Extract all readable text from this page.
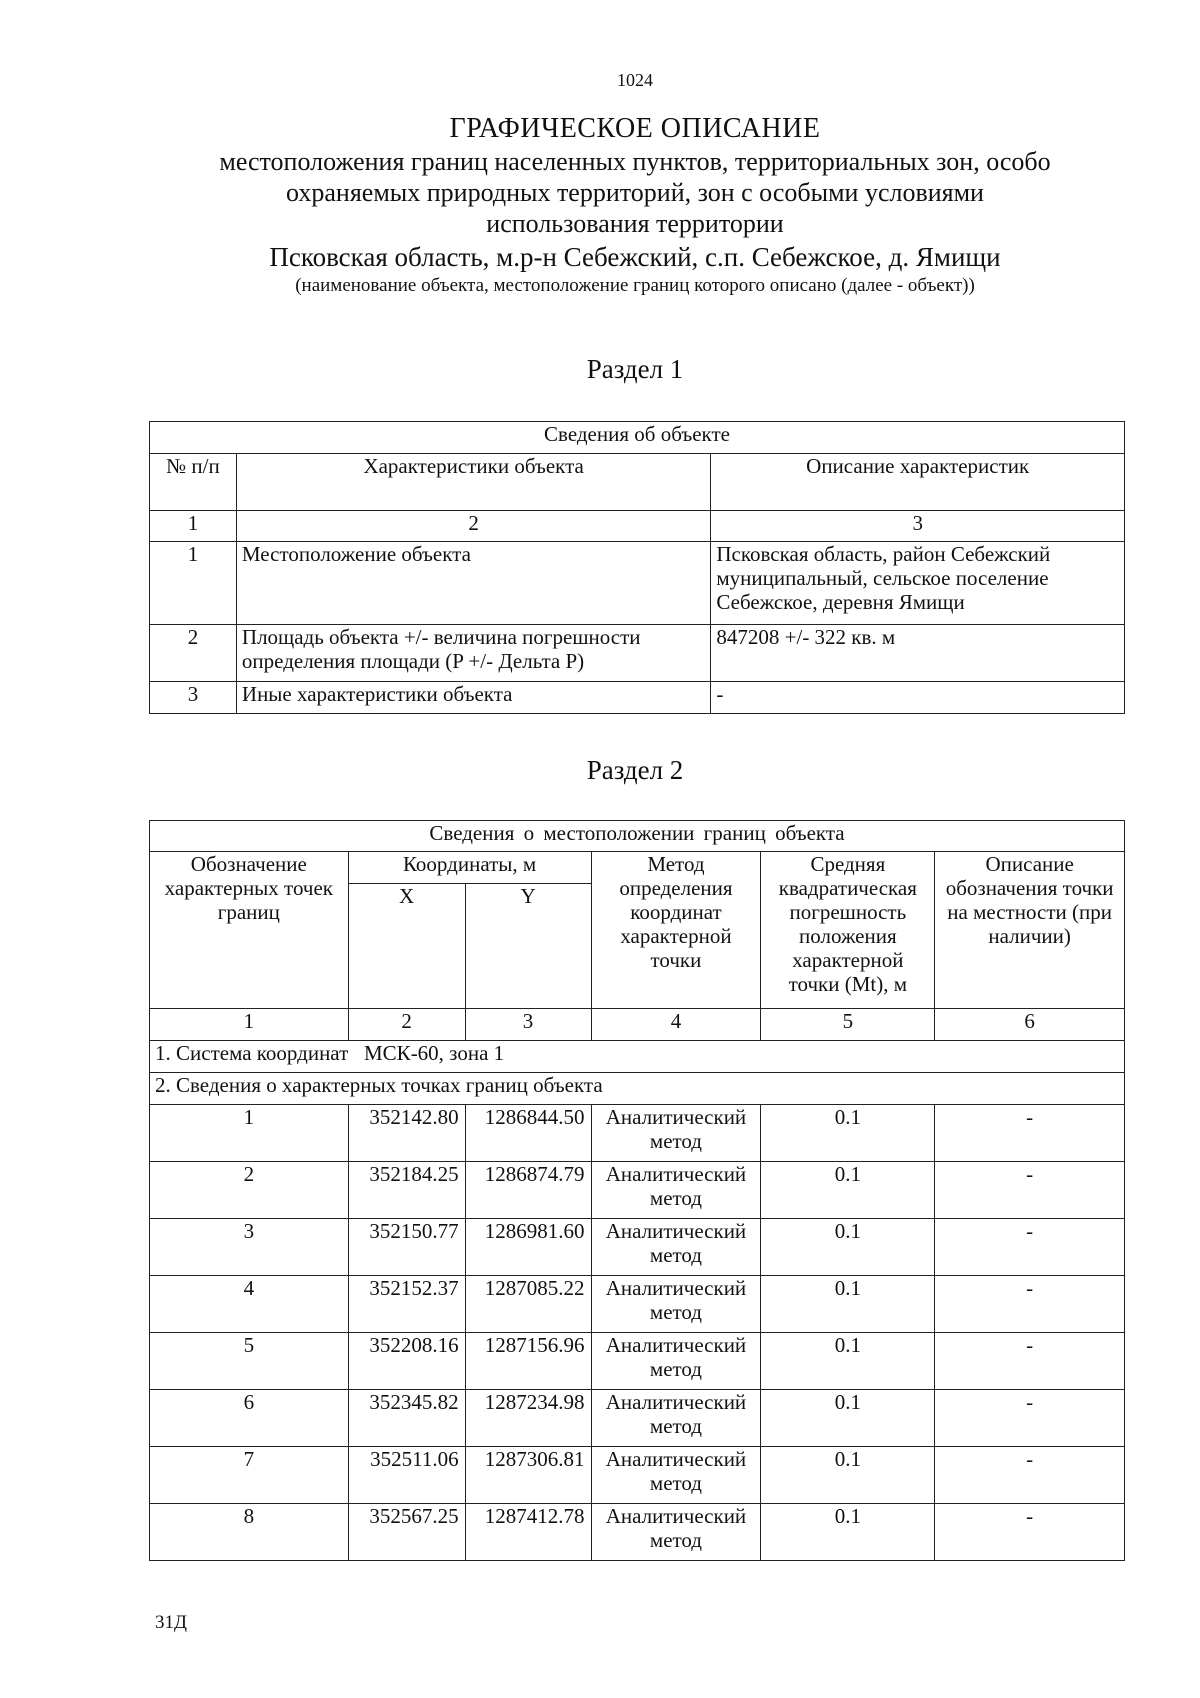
1024
ГРАФИЧЕСКОЕ ОПИСАНИЕ
местоположения границ населенных пунктов, территориальных зон, особо
охраняемых природных территорий, зон с особыми условиями
использования территории
Псковская область, м.р-н Себежский, с.п. Себежское, д. Ямищи
(наименование объекта, местоположение границ которого описано (далее - объект))
Раздел 1
Сведения об объекте		
№ п/п	Характеристики объекта	Описание характеристик
1	2	3
1	Местоположение объекта	Псковская область, район Себежский муниципальный, сельское поселение Себежское, деревня Ямищи
2	Площадь объекта +/- величина погрешности определения площади (P +/- Дельта P)	847208 +/- 322 кв. м
3	Иные характеристики объекта	-
Раздел 2
Сведения о местоположении границ объекта					
Обозначение характерных точек границ	Координаты, м		Метод определения координат характерной точки	Средняя квадратическая погрешность положения характерной точки (Mt), м	Описание обозначения точки на местности (при наличии)
	X	Y			
1	2	3	4	5	6
1. Система координат   МСК-60, зона 1					
2. Сведения о характерных точках границ объекта					
1	352142.80	1286844.50	Аналитический метод	0.1	-
2	352184.25	1286874.79	Аналитический метод	0.1	-
3	352150.77	1286981.60	Аналитический метод	0.1	-
4	352152.37	1287085.22	Аналитический метод	0.1	-
5	352208.16	1287156.96	Аналитический метод	0.1	-
6	352345.82	1287234.98	Аналитический метод	0.1	-
7	352511.06	1287306.81	Аналитический метод	0.1	-
8	352567.25	1287412.78	Аналитический метод	0.1	-
31Д
